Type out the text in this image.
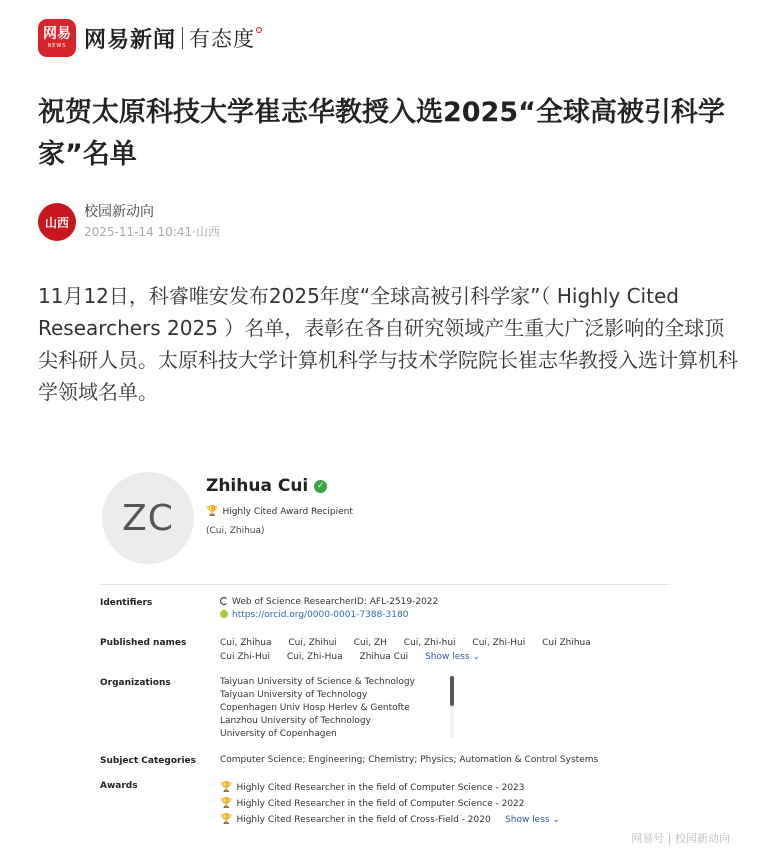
网易
NEWS 网易新闻 有态度
祝贺太原科技大学崔志华教授入选2025“全球高被引科学家”名单
山西
校园新动向
2025-11-14 10:41·山西

11月12日，科睿唯安发布2025年度“全球高被引科学家”（ Highly Cited Researchers 2025 ）名单，表彰在各自研究领域产生重大广泛影响的全球顶尖科研人员。太原科技大学计算机科学与技术学院院长崔志华教授入选计算机科学领域名单。

ZC
Zhihua Cui ✓
🏆 Highly Cited Award Recipient
(Cui, Zhihua)
Identifiers	Web of Science ResearcherID: AFL-2519-2022
https://orcid.org/0000-0001-7388-3180
Published names	Cui, Zhihua Cui, Zhihui Cui, ZH Cui, Zhi-hui Cui, Zhi-Hui Cui Zhihua Cui Zhi-Hui Cui, Zhi-Hua Zhihua Cui Show less ⌄
Organizations	Taiyuan University of Science & Technology
Taiyuan University of Technology
Copenhagen Univ Hosp Herlev & Gentofte
Lanzhou University of Technology
University of Copenhagen
Subject Categories	Computer Science; Engineering; Chemistry; Physics; Automation & Control Systems
Awards	🏆 Highly Cited Researcher in the field of Computer Science - 2023
🏆 Highly Cited Researcher in the field of Computer Science - 2022
🏆 Highly Cited Researcher in the field of Cross-Field - 2020
Show less ⌄
网易号 | 校园新动向
